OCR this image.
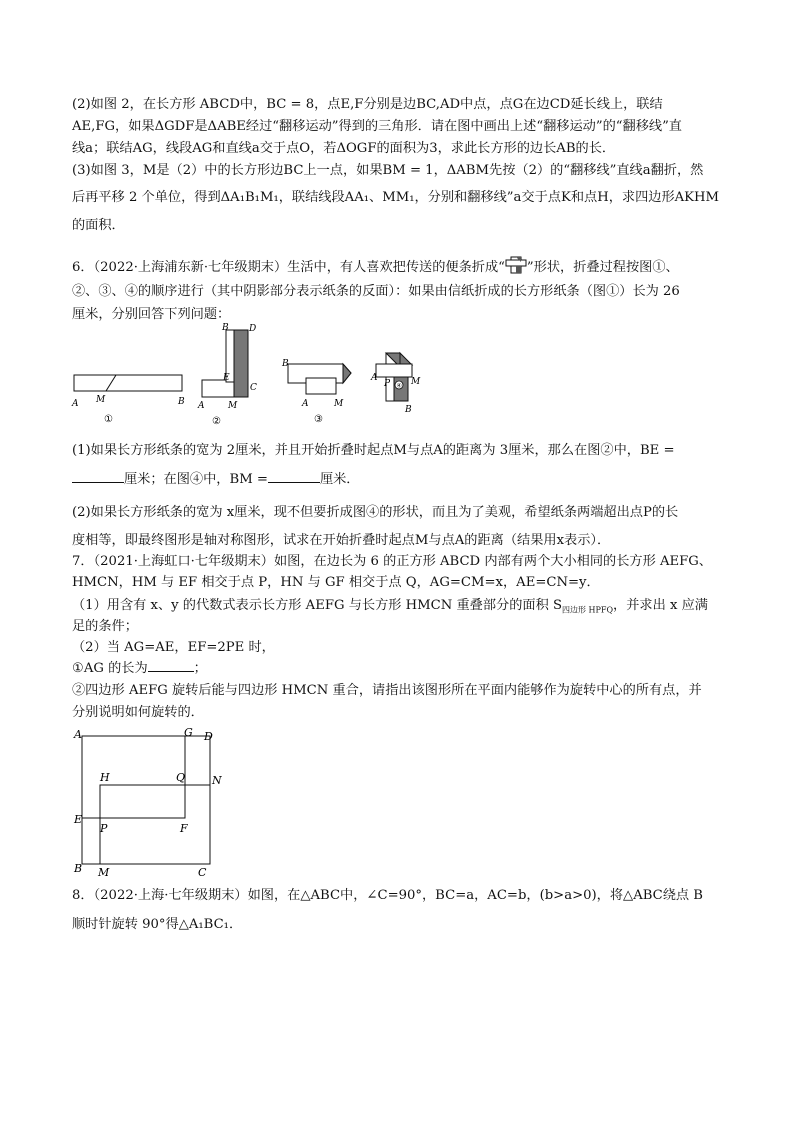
(2)如图 2，在长方形 ABCD中，BC = 8，点E,F分别是边BC,AD中点，点G在边CD延长线上，联结

AE,FG，如果ΔGDF是ΔABE经过“翻移运动”得到的三角形．请在图中画出上述“翻移运动”的“翻移线”直

线a；联结AG，线段AG和直线a交于点O，若ΔOGF的面积为3，求此长方形的边长AB的长．

(3)如图 3，M是（2）中的长方形边BC上一点，如果BM = 1，ΔABM先按（2）的“翻移线”直线a翻折，然

后再平移 2 个单位，得到ΔA₁B₁M₁，联结线段AA₁、MM₁，分别和翻移线”a交于点K和点H，求四边形AKHM

的面积．

6．（2022·上海浦东新·七年级期末）生活中，有人喜欢把传送的便条折成“ ”形状，折叠过程按图①、

②、③、④的顺序进行（其中阴影部分表示纸条的反面）：如果由信纸折成的长方形纸条（图①）长为 26

厘米，分别回答下列问题：

A M	B
①
B D
E
C
A	M
②
B
A	M
③
④
A
P M
B

(1)如果长方形纸条的宽为 2厘米，并且开始折叠时起点M与点A的距离为 3厘米，那么在图②中，BE =

厘米；在图④中，BM =	厘米．

(2)如果长方形纸条的宽为 x厘米，现不但要折成图④的形状，而且为了美观，希望纸条两端超出点P的长

度相等，即最终图形是轴对称图形，试求在开始折叠时起点M与点A的距离（结果用x表示）．

7．（2021·上海虹口·七年级期末）如图，在边长为 6 的正方形 ABCD 内部有两个大小相同的长方形 AEFG、

HMCN，HM 与 EF 相交于点 P，HN 与 GF 相交于点 Q，AG=CM=x，AE=CN=y．

（1）用含有 x、y 的代数式表示长方形 AEFG 与长方形 HMCN 重叠部分的面积 $S_{四边形 HPFQ}$，并求出 x 应满

足的条件；

（2）当 AG=AE，EF=2PE 时，

①AG 的长为	；

②四边形 AEFG 旋转后能与四边形 HMCN 重合，请指出该图形所在平面内能够作为旋转中心的所有点，并

分别说明如何旋转的．

A	G D
H	Q N
E
P	F
B M	C

8．（2022·上海·七年级期末）如图，在△ABC中，∠C=90°，BC=a，AC=b，(b>a>0)，将△ABC绕点 B

顺时针旋转 90°得△A₁BC₁．
